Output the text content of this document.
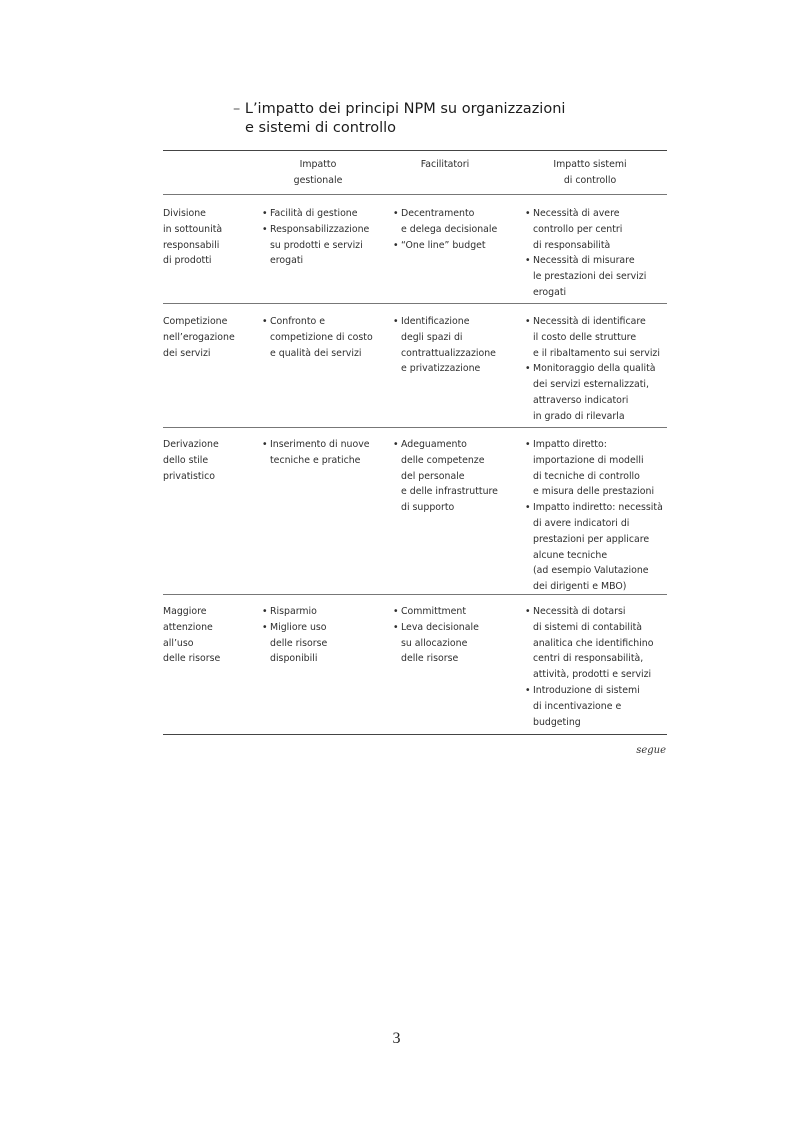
– L’impatto dei principi NPM su organizzazioni
e sistemi di controllo
Impatto
gestionale
Facilitatori	Impatto sistemi
di controllo
Divisione
in sottounità
responsabili
di prodotti
• Facilità di gestione
• Responsabilizzazione
su prodotti e servizi
erogati
• Decentramento
e delega decisionale
• “One line” budget
• Necessità di avere
controllo per centri
di responsabilità
• Necessità di misurare
le prestazioni dei servizi
erogati
Competizione
nell’erogazione
dei servizi
• Confronto e
competizione di costo
e qualità dei servizi
• Identificazione
degli spazi di
contrattualizzazione
e privatizzazione
• Necessità di identificare
il costo delle strutture
e il ribaltamento sui servizi
• Monitoraggio della qualità
dei servizi esternalizzati,
attraverso indicatori
in grado di rilevarla
Derivazione
dello stile
privatistico
• Inserimento di nuove
tecniche e pratiche
• Adeguamento
delle competenze
del personale
e delle infrastrutture
di supporto
• Impatto diretto:
importazione di modelli
di tecniche di controllo
e misura delle prestazioni
• Impatto indiretto: necessità
di avere indicatori di
prestazioni per applicare
alcune tecniche
(ad esempio Valutazione
dei dirigenti e MBO)
Maggiore
attenzione
all’uso
delle risorse
• Risparmio
• Migliore uso
delle risorse
disponibili
• Committment
• Leva decisionale
su allocazione
delle risorse
• Necessità di dotarsi
di sistemi di contabilità
analitica che identifichino
centri di responsabilità,
attività, prodotti e servizi
• Introduzione di sistemi
di incentivazione e
budgeting
segue
3
